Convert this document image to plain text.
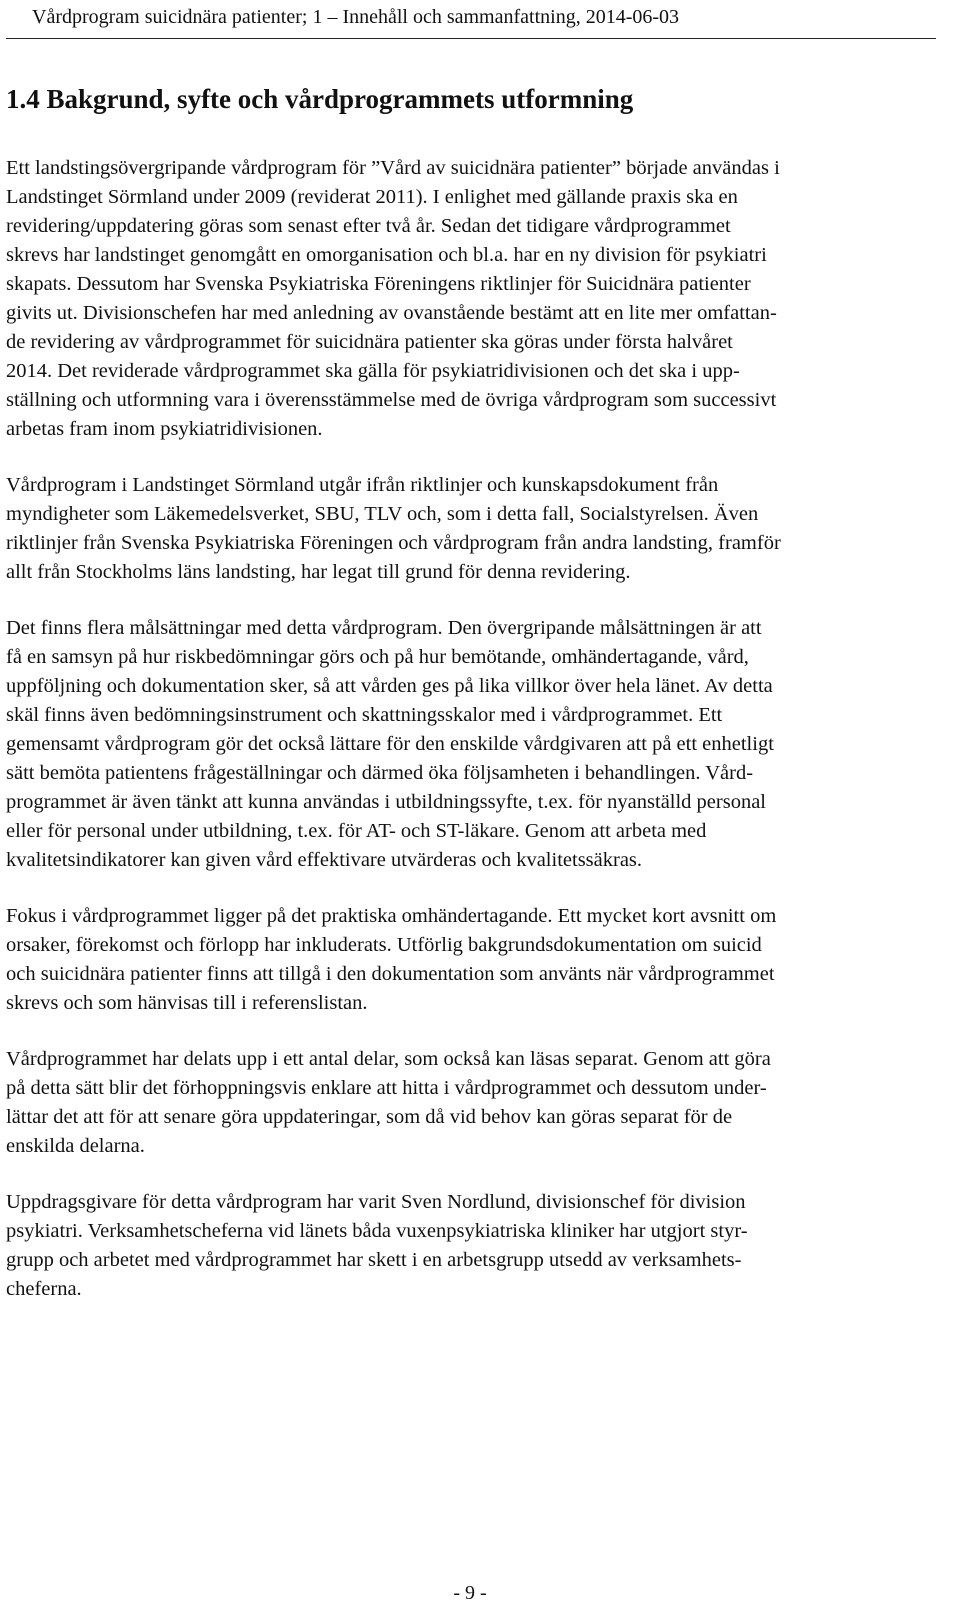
Vårdprogram suicidnära patienter; 1 – Innehåll och sammanfattning, 2014-06-03
1.4 Bakgrund, syfte och vårdprogrammets utformning

Ett landstingsövergripande vårdprogram för ”Vård av suicidnära patienter” började användas i
Landstinget Sörmland under 2009 (reviderat 2011). I enlighet med gällande praxis ska en
revidering/uppdatering göras som senast efter två år. Sedan det tidigare vårdprogrammet
skrevs har landstinget genomgått en omorganisation och bl.a. har en ny division för psykiatri
skapats. Dessutom har Svenska Psykiatriska Föreningens riktlinjer för Suicidnära patienter
givits ut. Divisionschefen har med anledning av ovanstående bestämt att en lite mer omfattan-
de revidering av vårdprogrammet för suicidnära patienter ska göras under första halvåret
2014. Det reviderade vårdprogrammet ska gälla för psykiatridivisionen och det ska i upp-
ställning och utformning vara i överensstämmelse med de övriga vårdprogram som successivt
arbetas fram inom psykiatridivisionen.

Vårdprogram i Landstinget Sörmland utgår ifrån riktlinjer och kunskapsdokument från
myndigheter som Läkemedelsverket, SBU, TLV och, som i detta fall, Socialstyrelsen. Även
riktlinjer från Svenska Psykiatriska Föreningen och vårdprogram från andra landsting, framför
allt från Stockholms läns landsting, har legat till grund för denna revidering.

Det finns flera målsättningar med detta vårdprogram. Den övergripande målsättningen är att
få en samsyn på hur riskbedömningar görs och på hur bemötande, omhändertagande, vård,
uppföljning och dokumentation sker, så att vården ges på lika villkor över hela länet. Av detta
skäl finns även bedömningsinstrument och skattningsskalor med i vårdprogrammet. Ett
gemensamt vårdprogram gör det också lättare för den enskilde vårdgivaren att på ett enhetligt
sätt bemöta patientens frågeställningar och därmed öka följsamheten i behandlingen. Vård-
programmet är även tänkt att kunna användas i utbildningssyfte, t.ex. för nyanställd personal
eller för personal under utbildning, t.ex. för AT- och ST-läkare. Genom att arbeta med
kvalitetsindikatorer kan given vård effektivare utvärderas och kvalitetssäkras.

Fokus i vårdprogrammet ligger på det praktiska omhändertagande. Ett mycket kort avsnitt om
orsaker, förekomst och förlopp har inkluderats. Utförlig bakgrundsdokumentation om suicid
och suicidnära patienter finns att tillgå i den dokumentation som använts när vårdprogrammet
skrevs och som hänvisas till i referenslistan.

Vårdprogrammet har delats upp i ett antal delar, som också kan läsas separat. Genom att göra
på detta sätt blir det förhoppningsvis enklare att hitta i vårdprogrammet och dessutom under-
lättar det att för att senare göra uppdateringar, som då vid behov kan göras separat för de
enskilda delarna.

Uppdragsgivare för detta vårdprogram har varit Sven Nordlund, divisionschef för division
psykiatri. Verksamhetscheferna vid länets båda vuxenpsykiatriska kliniker har utgjort styr-
grupp och arbetet med vårdprogrammet har skett i en arbetsgrupp utsedd av verksamhets-
cheferna.

- 9 -
